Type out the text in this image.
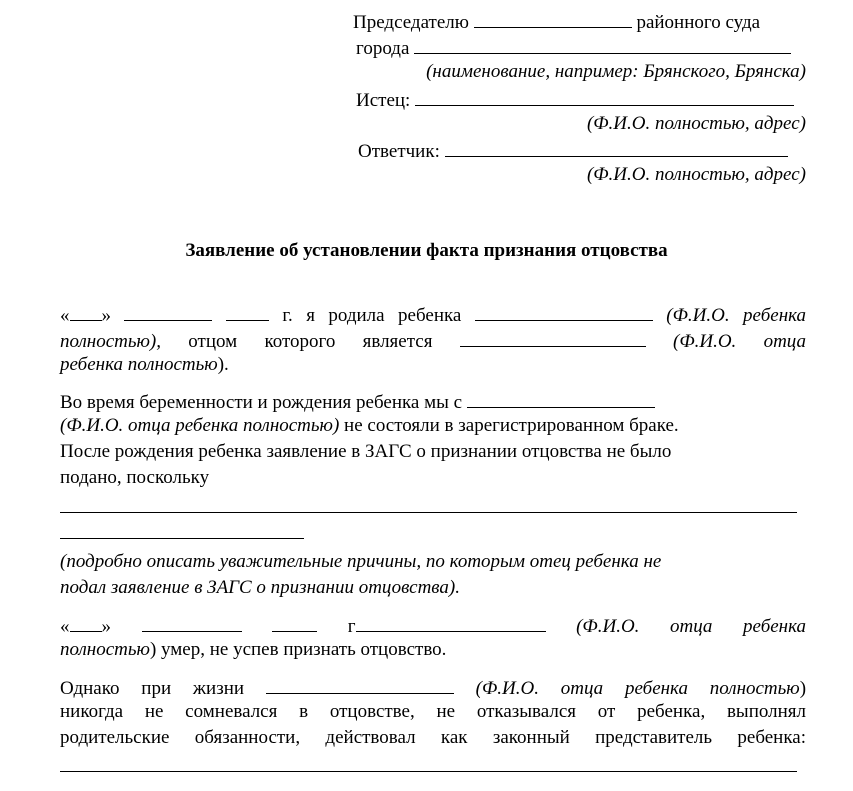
Председателю	районного суда
города
(наименование, например: Брянского, Брянска)
Истец:
(Ф.И.О. полностью, адрес)
Ответчик:
(Ф.И.О. полностью, адрес)
Заявление об установлении факта признания отцовства
« »	г. я родила ребенка	(Ф.И.О. ребенка
полностью), отцом которого является	(Ф.И.О. отца
ребенка полностью).
Во время беременности и рождения ребенка мы с
(Ф.И.О. отца ребенка полностью) не состояли в зарегистрированном браке.
После рождения ребенка заявление в ЗАГС о признании отцовства не было
подано, поскольку
(подробно описать уважительные причины, по которым отец ребенка не
подал заявление в ЗАГС о признании отцовства).
« »	г	(Ф.И.О. отца ребенка
полностью) умер, не успев признать отцовство.
Однако при жизни	(Ф.И.О. отца ребенка полностью)
никогда не сомневался в отцовстве, не отказывался от ребенка, выполнял
родительские обязанности, действовал как законный представитель ребенка:
